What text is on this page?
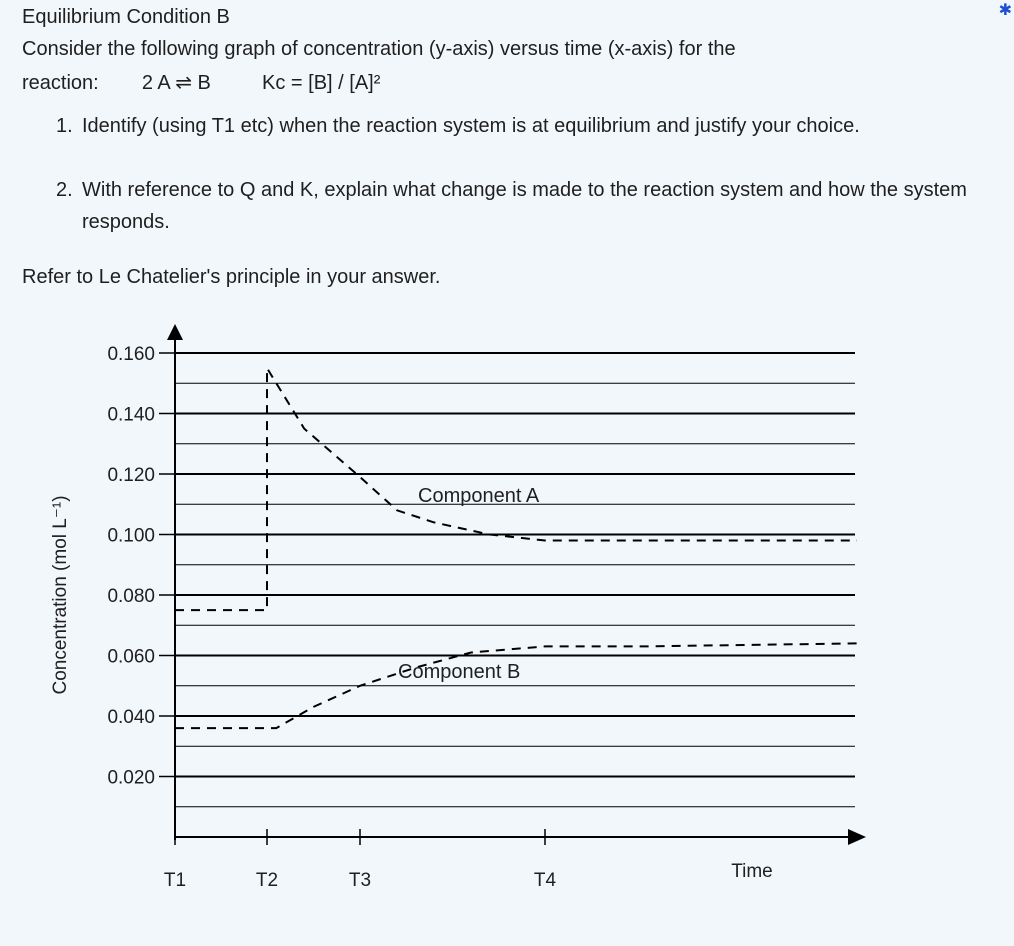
Equilibrium Condition B	✱
Consider the following graph of concentration (y-axis) versus time (x-axis) for the
reaction: 2 A ⇌ B	Kc = [B] / [A]²
1. Identify (using T1 etc) when the reaction system is at equilibrium and justify your choice.
2. With reference to Q and K, explain what change is made to the reaction system and how the system responds.
Refer to Le Chatelier's principle in your answer.
0.020
0.040
0.060
0.080
0.100
0.120
0.140
0.160
T1	T2	T3	T4
Concentration (mol L⁻¹)
Time
Component A
Component B
